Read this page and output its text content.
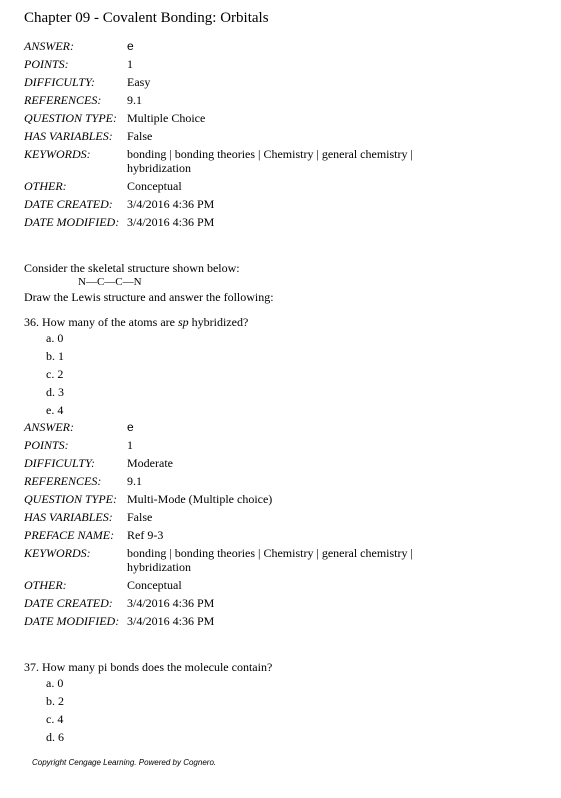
Chapter 09 - Covalent Bonding: Orbitals
ANSWER:	e
POINTS:	1
DIFFICULTY:	Easy
REFERENCES:	9.1
QUESTION TYPE:	Multiple Choice
HAS VARIABLES:	False
KEYWORDS:	bonding | bonding theories | Chemistry | general chemistry | hybridization
OTHER:	Conceptual
DATE CREATED:	3/4/2016 4:36 PM
DATE MODIFIED:	3/4/2016 4:36 PM
Consider the skeletal structure shown below:
N—C—C—N
Draw the Lewis structure and answer the following:
36. How many of the atoms are sp hybridized?
a. 0
b. 1
c. 2
d. 3
e. 4
ANSWER:	e
POINTS:	1
DIFFICULTY:	Moderate
REFERENCES:	9.1
QUESTION TYPE:	Multi-Mode (Multiple choice)
HAS VARIABLES:	False
PREFACE NAME:	Ref 9-3
KEYWORDS:	bonding | bonding theories | Chemistry | general chemistry | hybridization
OTHER:	Conceptual
DATE CREATED:	3/4/2016 4:36 PM
DATE MODIFIED:	3/4/2016 4:36 PM
37. How many pi bonds does the molecule contain?
a. 0
b. 2
c. 4
d. 6
Copyright Cengage Learning. Powered by Cognero.
